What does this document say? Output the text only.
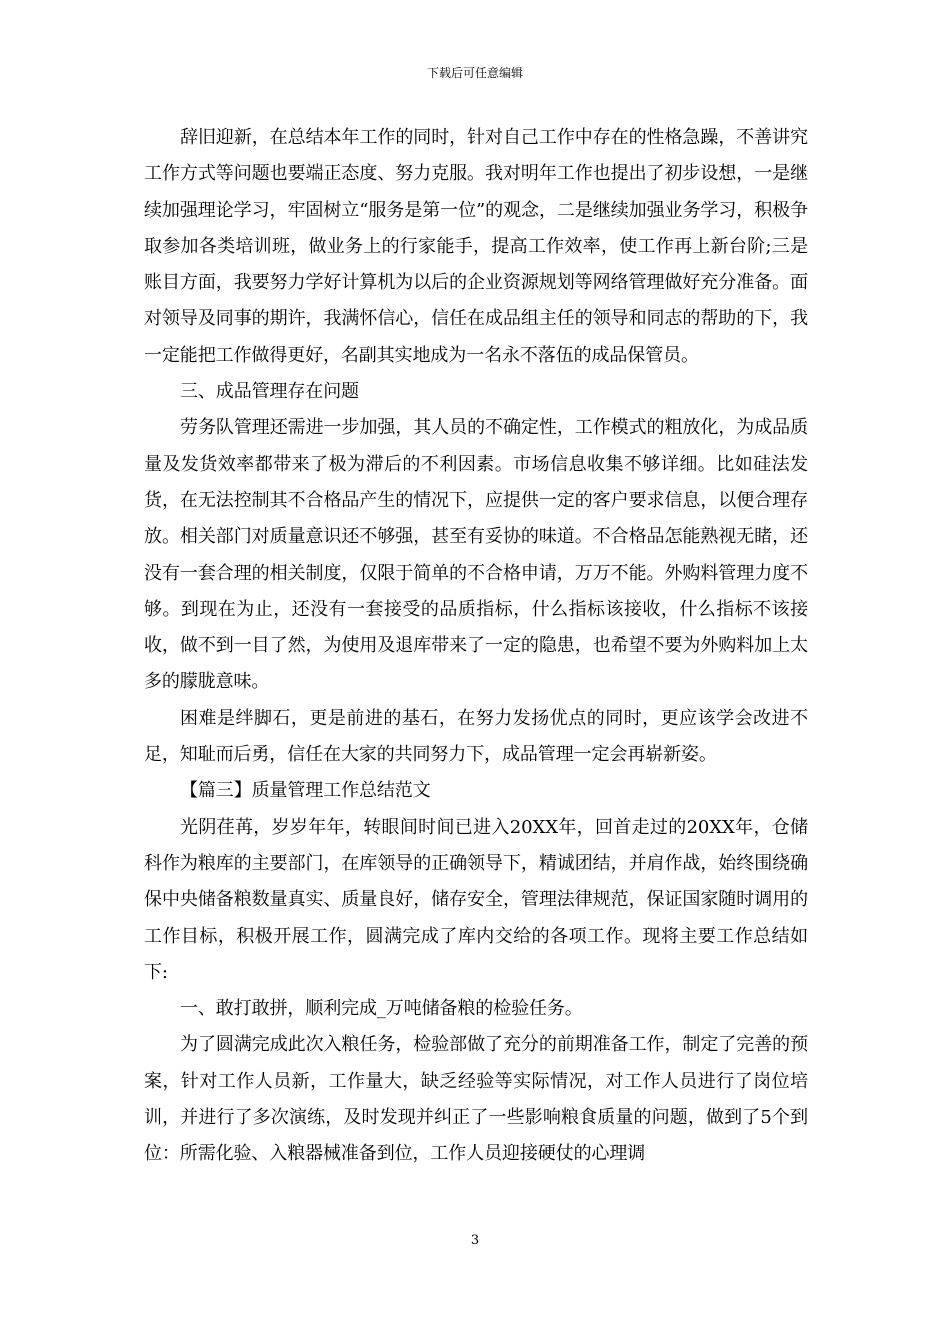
下载后可任意编辑

辞旧迎新，在总结本年工作的同时，针对自己工作中存在的性格急躁，不善讲究工作方式等问题也要端正态度、努力克服。我对明年工作也提出了初步设想，一是继续加强理论学习，牢固树立“服务是第一位”的观念，二是继续加强业务学习，积极争取参加各类培训班，做业务上的行家能手，提高工作效率，使工作再上新台阶;三是账目方面，我要努力学好计算机为以后的企业资源规划等网络管理做好充分准备。面对领导及同事的期许，我满怀信心，信任在成品组主任的领导和同志的帮助的下，我一定能把工作做得更好，名副其实地成为一名永不落伍的成品保管员。

三、成品管理存在问题

劳务队管理还需进一步加强，其人员的不确定性，工作模式的粗放化，为成品质量及发货效率都带来了极为滞后的不利因素。市场信息收集不够详细。比如硅法发货，在无法控制其不合格品产生的情况下，应提供一定的客户要求信息，以便合理存放。相关部门对质量意识还不够强，甚至有妥协的味道。不合格品怎能熟视无睹，还没有一套合理的相关制度，仅限于简单的不合格申请，万万不能。外购料管理力度不够。到现在为止，还没有一套接受的品质指标，什么指标该接收，什么指标不该接收，做不到一目了然，为使用及退库带来了一定的隐患，也希望不要为外购料加上太多的朦胧意味。

困难是绊脚石，更是前进的基石，在努力发扬优点的同时，更应该学会改进不足，知耻而后勇，信任在大家的共同努力下，成品管理一定会再崭新姿。

【篇三】质量管理工作总结范文

光阴荏苒，岁岁年年，转眼间时间已进入20XX年，回首走过的20XX年，仓储科作为粮库的主要部门，在库领导的正确领导下，精诚团结，并肩作战，始终围绕确保中央储备粮数量真实、质量良好，储存安全，管理法律规范，保证国家随时调用的工作目标，积极开展工作，圆满完成了库内交给的各项工作。现将主要工作总结如下:

一、敢打敢拼，顺利完成_万吨储备粮的检验任务。

为了圆满完成此次入粮任务，检验部做了充分的前期准备工作，制定了完善的预案，针对工作人员新，工作量大，缺乏经验等实际情况，对工作人员进行了岗位培训，并进行了多次演练，及时发现并纠正了一些影响粮食质量的问题，做到了5个到位：所需化验、入粮器械准备到位，工作人员迎接硬仗的心理调

3
